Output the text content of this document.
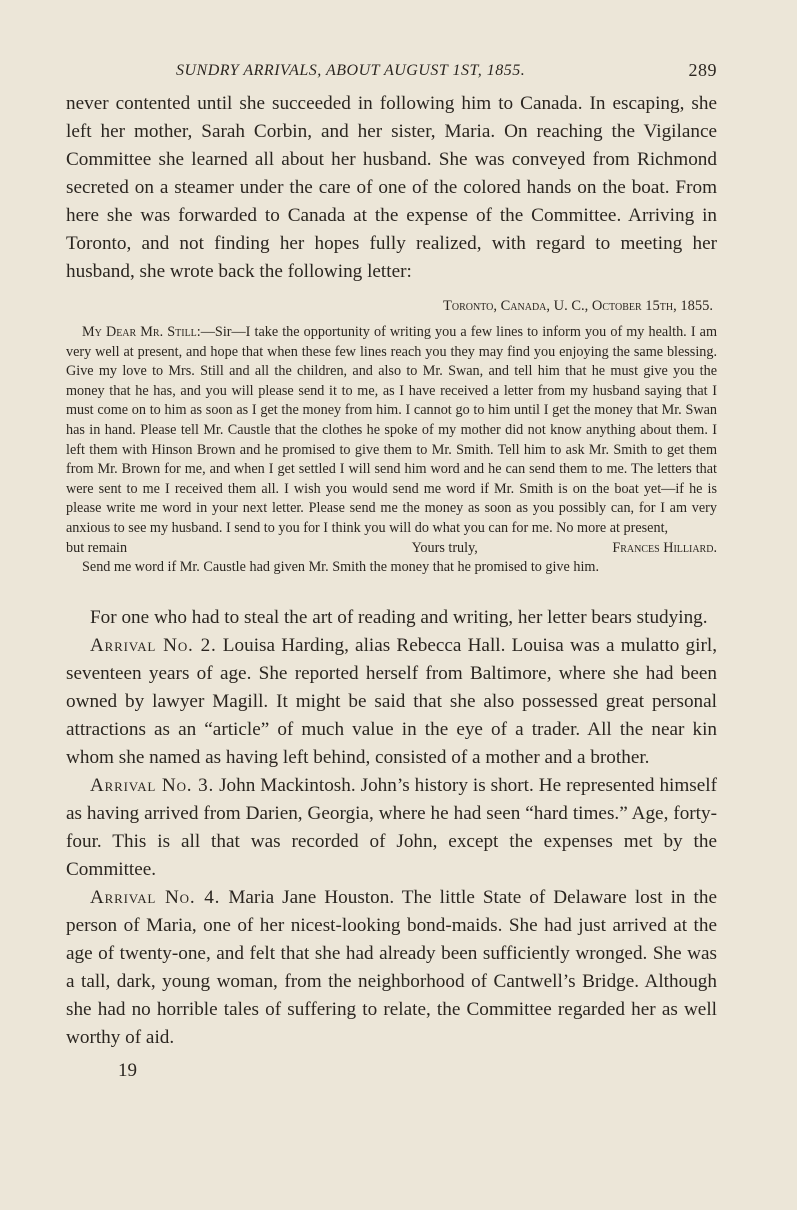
SUNDRY ARRIVALS, ABOUT AUGUST 1ST, 1855.	289

never contented until she succeeded in following him to Canada. In escaping, she left her mother, Sarah Corbin, and her sister, Maria. On reaching the Vigilance Committee she learned all about her husband. She was conveyed from Richmond secreted on a steamer under the care of one of the colored hands on the boat. From here she was forwarded to Canada at the expense of the Committee. Arriving in Toronto, and not finding her hopes fully realized, with regard to meeting her husband, she wrote back the following letter:

Toronto, Canada, U. C., October 15th, 1855.

My Dear Mr. Still:—Sir—I take the opportunity of writing you a few lines to inform you of my health. I am very well at present, and hope that when these few lines reach you they may find you enjoying the same blessing. Give my love to Mrs. Still and all the children, and also to Mr. Swan, and tell him that he must give you the money that he has, and you will please send it to me, as I have received a letter from my husband saying that I must come on to him as soon as I get the money from him. I cannot go to him until I get the money that Mr. Swan has in hand. Please tell Mr. Caustle that the clothes he spoke of my mother did not know anything about them. I left them with Hinson Brown and he promised to give them to Mr. Smith. Tell him to ask Mr. Smith to get them from Mr. Brown for me, and when I get settled I will send him word and he can send them to me. The letters that were sent to me I received them all. I wish you would send me word if Mr. Smith is on the boat yet—if he is please write me word in your next letter. Please send me the money as soon as you possibly can, for I am very anxious to see my husband. I send to you for I think you will do what you can for me. No more at present,

but remain	Yours truly,	Frances Hilliard.

Send me word if Mr. Caustle had given Mr. Smith the money that he promised to give him.

For one who had to steal the art of reading and writing, her letter bears studying.

Arrival No. 2. Louisa Harding, alias Rebecca Hall. Louisa was a mulatto girl, seventeen years of age. She reported herself from Baltimore, where she had been owned by lawyer Magill. It might be said that she also possessed great personal attractions as an “article” of much value in the eye of a trader. All the near kin whom she named as having left behind, consisted of a mother and a brother.

Arrival No. 3. John Mackintosh. John’s history is short. He represented himself as having arrived from Darien, Georgia, where he had seen “hard times.” Age, forty-four. This is all that was recorded of John, except the expenses met by the Committee.

Arrival No. 4. Maria Jane Houston. The little State of Delaware lost in the person of Maria, one of her nicest-looking bond-maids. She had just arrived at the age of twenty-one, and felt that she had already been sufficiently wronged. She was a tall, dark, young woman, from the neighborhood of Cantwell’s Bridge. Although she had no horrible tales of suffering to relate, the Committee regarded her as well worthy of aid.

19
